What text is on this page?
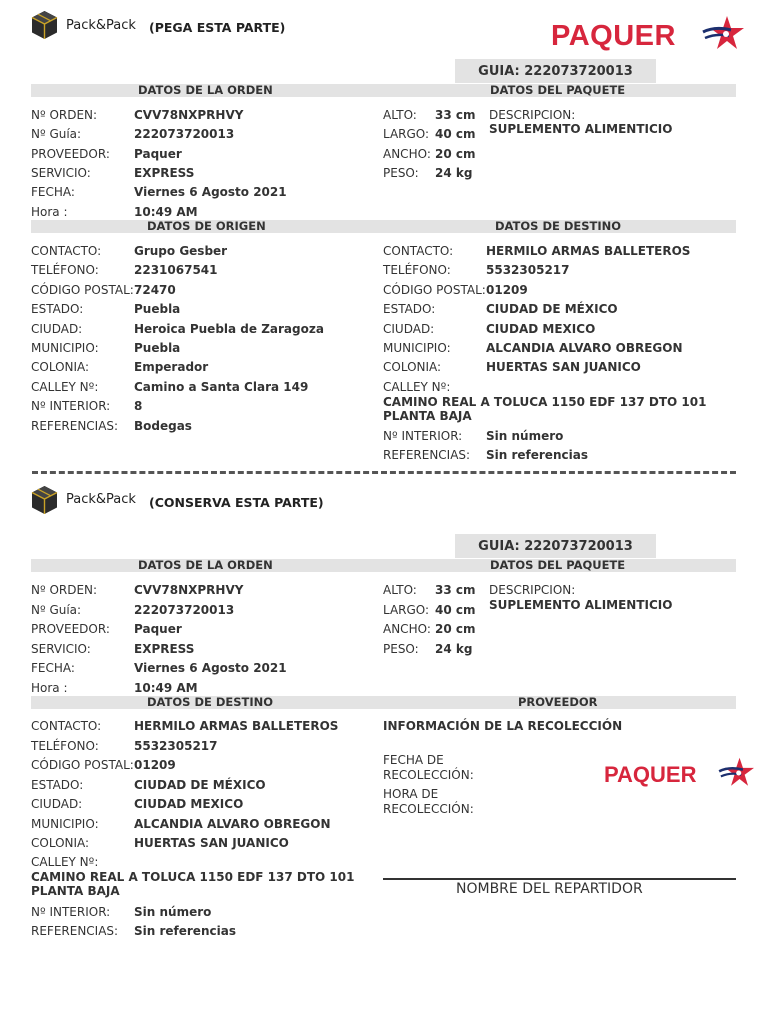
Pack&Pack (PEGA ESTA PARTE)	PAQUER
GUIA: 222073720013
DATOS DE LA ORDEN	DATOS DEL PAQUETE
Nº ORDEN:	CVV78NXPRHVY
Nº Guía:	222073720013
PROVEEDOR: Paquer
SERVICIO:	EXPRESS
FECHA:	Viernes 6 Agosto 2021
Hora :	10:49 AM
ALTO: 33 cm
LARGO: 40 cm
ANCHO: 20 cm
PESO: 24 kg
DESCRIPCION:
SUPLEMENTO ALIMENTICIO
DATOS DE ORIGEN	DATOS DE DESTINO
CONTACTO:	Grupo Gesber
TELÉFONO:	2231067541
CÓDIGO POSTAL: 72470
ESTADO:	Puebla
CIUDAD:	Heroica Puebla de Zaragoza
MUNICIPIO:	Puebla
COLONIA:	Emperador
CALLEY Nº:	Camino a Santa Clara 149
Nº INTERIOR: 8
REFERENCIAS: Bodegas
CONTACTO:	HERMILO ARMAS BALLETEROS
TELÉFONO:	5532305217
CÓDIGO POSTAL: 01209
ESTADO:	CIUDAD DE MÉXICO
CIUDAD:	CIUDAD MEXICO
MUNICIPIO:	ALCANDIA ALVARO OBREGON
COLONIA:	HUERTAS SAN JUANICO
CALLEY Nº:
CAMINO REAL A TOLUCA 1150 EDF 137 DTO 101
PLANTA BAJA
Nº INTERIOR: Sin número
REFERENCIAS: Sin referencias
Pack&Pack (CONSERVA ESTA PARTE)
GUIA: 222073720013
DATOS DE LA ORDEN	DATOS DEL PAQUETE
Nº ORDEN:	CVV78NXPRHVY
Nº Guía:	222073720013
PROVEEDOR: Paquer
SERVICIO:	EXPRESS
FECHA:	Viernes 6 Agosto 2021
Hora :	10:49 AM
ALTO: 33 cm
LARGO: 40 cm
ANCHO: 20 cm
PESO: 24 kg
DESCRIPCION:
SUPLEMENTO ALIMENTICIO
DATOS DE DESTINO	PROVEEDOR
CONTACTO:	HERMILO ARMAS BALLETEROS
TELÉFONO:	5532305217
CÓDIGO POSTAL: 01209
ESTADO:	CIUDAD DE MÉXICO
CIUDAD:	CIUDAD MEXICO
MUNICIPIO:	ALCANDIA ALVARO OBREGON
COLONIA:	HUERTAS SAN JUANICO
CALLEY Nº:
CAMINO REAL A TOLUCA 1150 EDF 137 DTO 101
PLANTA BAJA
Nº INTERIOR: Sin número
REFERENCIAS: Sin referencias
INFORMACIÓN DE LA RECOLECCIÓN
FECHA DE
RECOLECCIÓN:
HORA DE
RECOLECCIÓN:
PAQUER
NOMBRE DEL REPARTIDOR
